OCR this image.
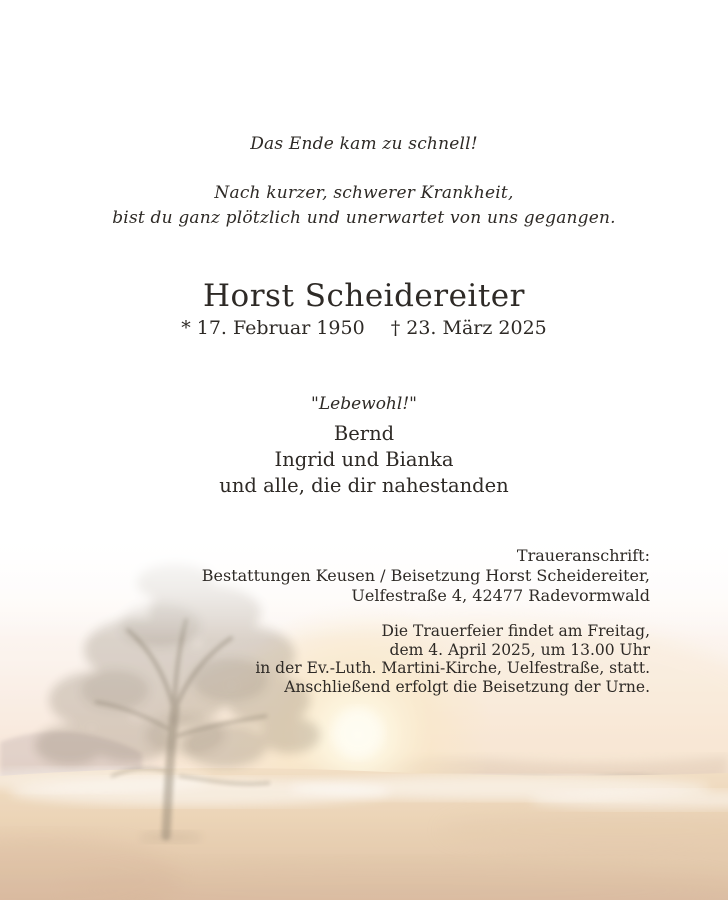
Das Ende kam zu schnell!
Nach kurzer, schwerer Krankheit,
bist du ganz plötzlich und unerwartet von uns gegangen.
Horst Scheidereiter
* 17. Februar 1950 † 23. März 2025
"Lebewohl!"
Bernd
Ingrid und Bianka
und alle, die dir nahestanden
Traueranschrift:
Bestattungen Keusen / Beisetzung Horst Scheidereiter,
Uelfestraße 4, 42477 Radevormwald
Die Trauerfeier findet am Freitag,
dem 4. April 2025, um 13.00 Uhr
in der Ev.-Luth. Martini-Kirche, Uelfestraße, statt.
Anschließend erfolgt die Beisetzung der Urne.
